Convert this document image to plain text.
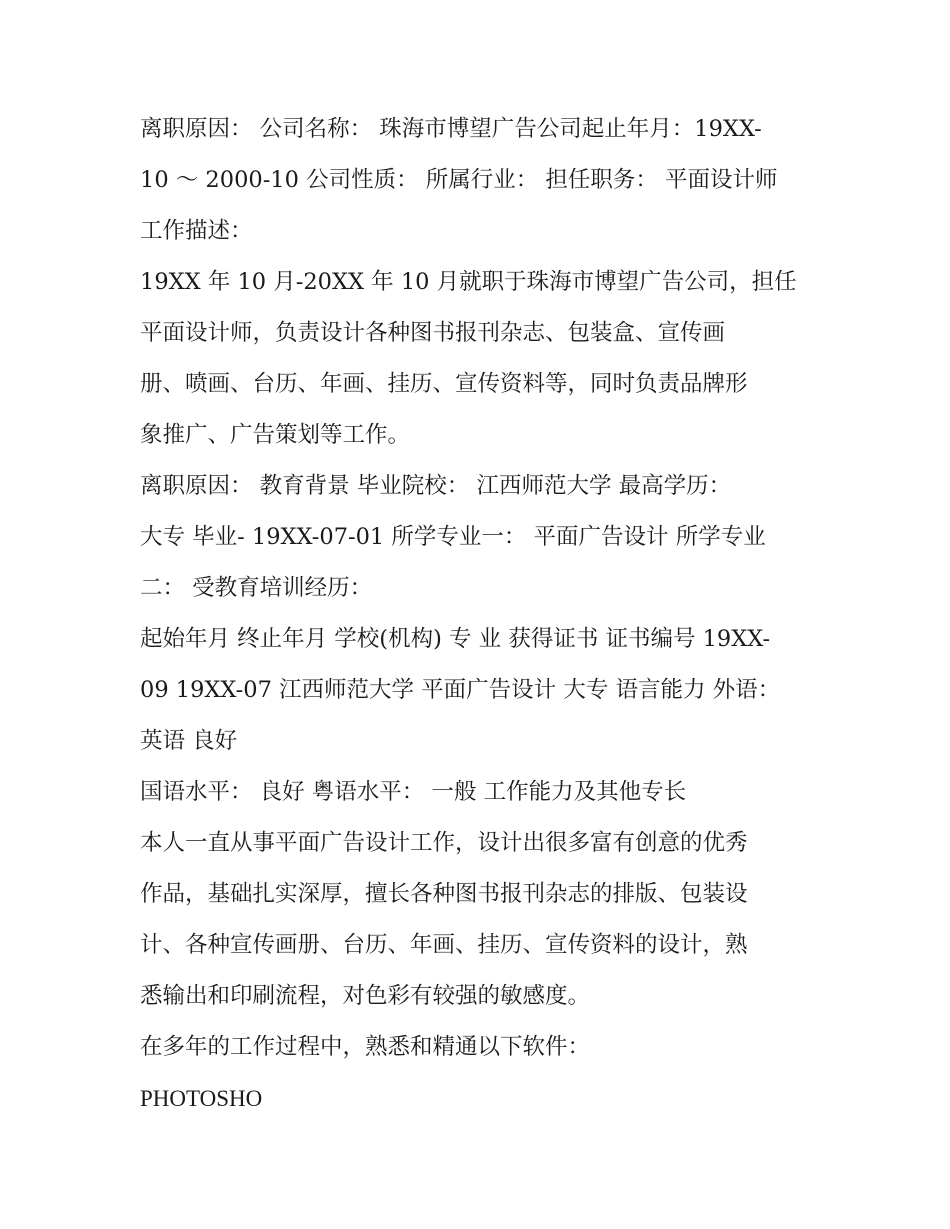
离职原因： 公司名称： 珠海市博望广告公司起止年月：19XX-
10 ～ 2000-10 公司性质： 所属行业： 担任职务： 平面设计师
工作描述：
19XX 年 10 月-20XX 年 10 月就职于珠海市博望广告公司，担任
平面设计师，负责设计各种图书报刊杂志、包装盒、宣传画
册、喷画、台历、年画、挂历、宣传资料等，同时负责品牌形
象推广、广告策划等工作。
离职原因： 教育背景 毕业院校： 江西师范大学 最高学历：
大专 毕业- 19XX-07-01 所学专业一： 平面广告设计 所学专业
二： 受教育培训经历：
起始年月 终止年月 学校(机构) 专 业 获得证书 证书编号 19XX-
09 19XX-07 江西师范大学 平面广告设计 大专 语言能力 外语：
英语 良好
国语水平： 良好 粤语水平： 一般 工作能力及其他专长
本人一直从事平面广告设计工作，设计出很多富有创意的优秀
作品，基础扎实深厚，擅长各种图书报刊杂志的排版、包装设
计、各种宣传画册、台历、年画、挂历、宣传资料的设计，熟
悉输出和印刷流程，对色彩有较强的敏感度。
在多年的工作过程中，熟悉和精通以下软件：
PHOTOSHO
